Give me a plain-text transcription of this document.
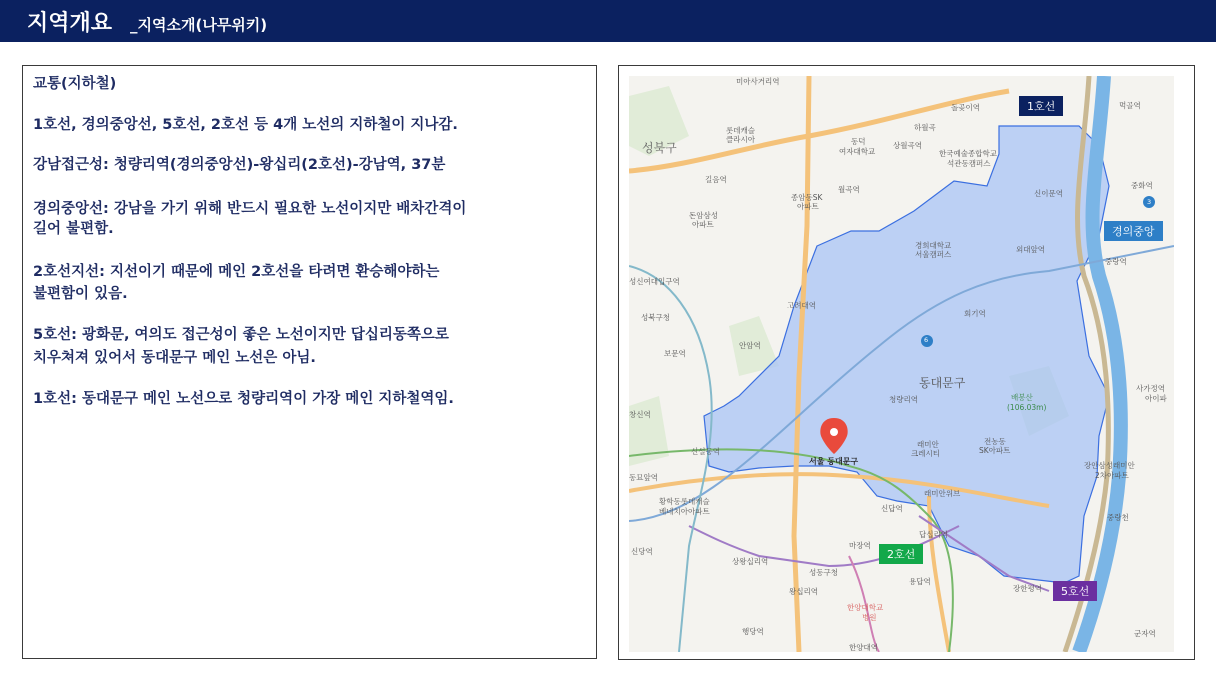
지역개요 _지역소개(나무위키)
교통(지하철)
1호선, 경의중앙선, 5호선, 2호선 등 4개 노선의 지하철이 지나감.
강남접근성: 청량리역(경의중앙선)-왕십리(2호선)-강남역, 37분
경의중앙선: 강남을 가기 위해 반드시 필요한 노선이지만 배차간격이
길어 불편함.
2호선지선: 지선이기 때문에 메인 2호선을 타려면 환승해야하는
불편함이 있음.
5호선: 광화문, 여의도 접근성이 좋은 노선이지만 답십리동쪽으로
치우쳐져 있어서 동대문구 메인 노선은 아님.
1호선: 동대문구 메인 노선으로 청량리역이 가장 메인 지하철역임.
성북구
동대문구
서울 동대문구
6
3
미아사거리역
돌곶이역
하월곡
한국예술종합학교
석관동캠퍼스
동덕
여자대학교
상월곡역
롯데캐슬
클라시아
길음역
종암동SK
아파트
월곡역	신이문역
돈암삼성
아파트
경희대학교
서울캠퍼스
외대앞역
성신여대입구역
성북구청
고려대역
회기역
안암역
보문역
청량리역	배봉산
(106.03m)
래미안
크레시티
전농동
SK아파트
창신역
신설동역
동묘앞역
황학동롯데캐슬
베네치아아파트
래미안위브
신답역
답십리역
마장역
상왕십리역
성동구청
왕십리역
한양대학교
병원
행당역
한양대역
용답역
장한평역
신당역
먹골역
중화역
중랑역
사가정역
아이파
장안삼성래미안
2차아파트
중랑천
군자역
1호선
경의중앙
2호선
5호선
